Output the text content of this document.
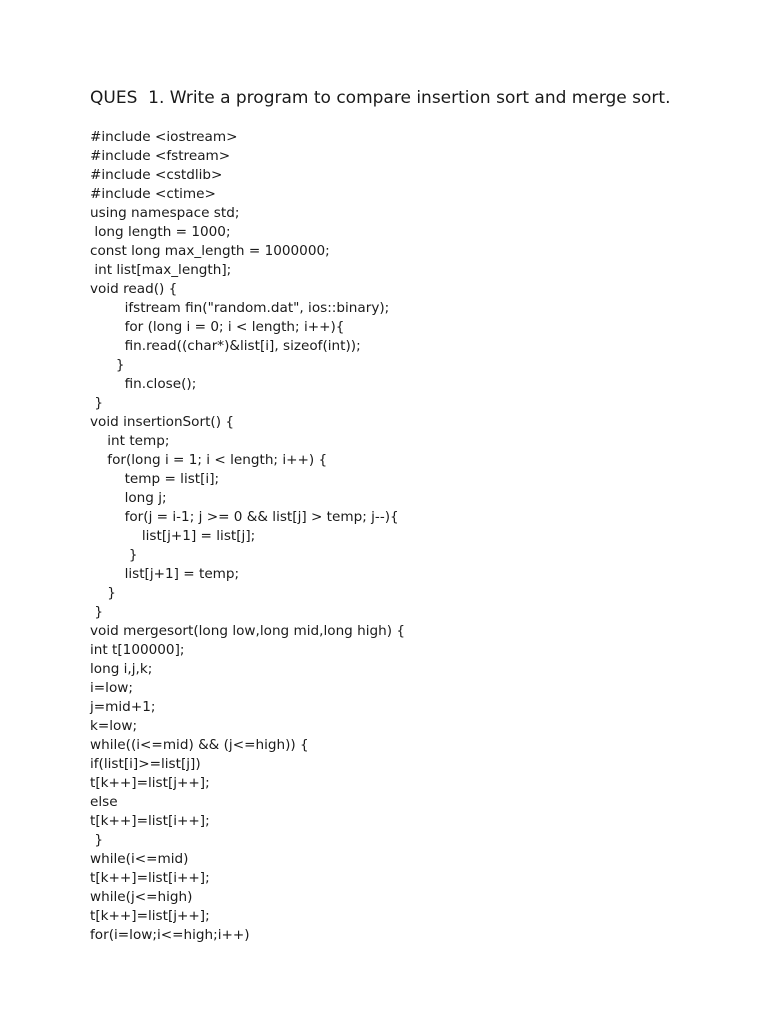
QUES  1. Write a program to compare insertion sort and merge sort.
#include <iostream>
#include <fstream>
#include <cstdlib>
#include <ctime>
using namespace std;
long length = 1000;
const long max_length = 1000000;
int list[max_length];
void read() {
ifstream fin("random.dat", ios::binary);
for (long i = 0; i < length; i++){
fin.read((char*)&list[i], sizeof(int));
}
fin.close();
}
void insertionSort() {
int temp;
for(long i = 1; i < length; i++) {
temp = list[i];
long j;
for(j = i-1; j >= 0 && list[j] > temp; j--){
list[j+1] = list[j];
}
list[j+1] = temp;
}
}
void mergesort(long low,long mid,long high) {
int t[100000];
long i,j,k;
i=low;
j=mid+1;
k=low;
while((i<=mid) && (j<=high)) {
if(list[i]>=list[j])
t[k++]=list[j++];
else
t[k++]=list[i++];
}
while(i<=mid)
t[k++]=list[i++];
while(j<=high)
t[k++]=list[j++];
for(i=low;i<=high;i++)
